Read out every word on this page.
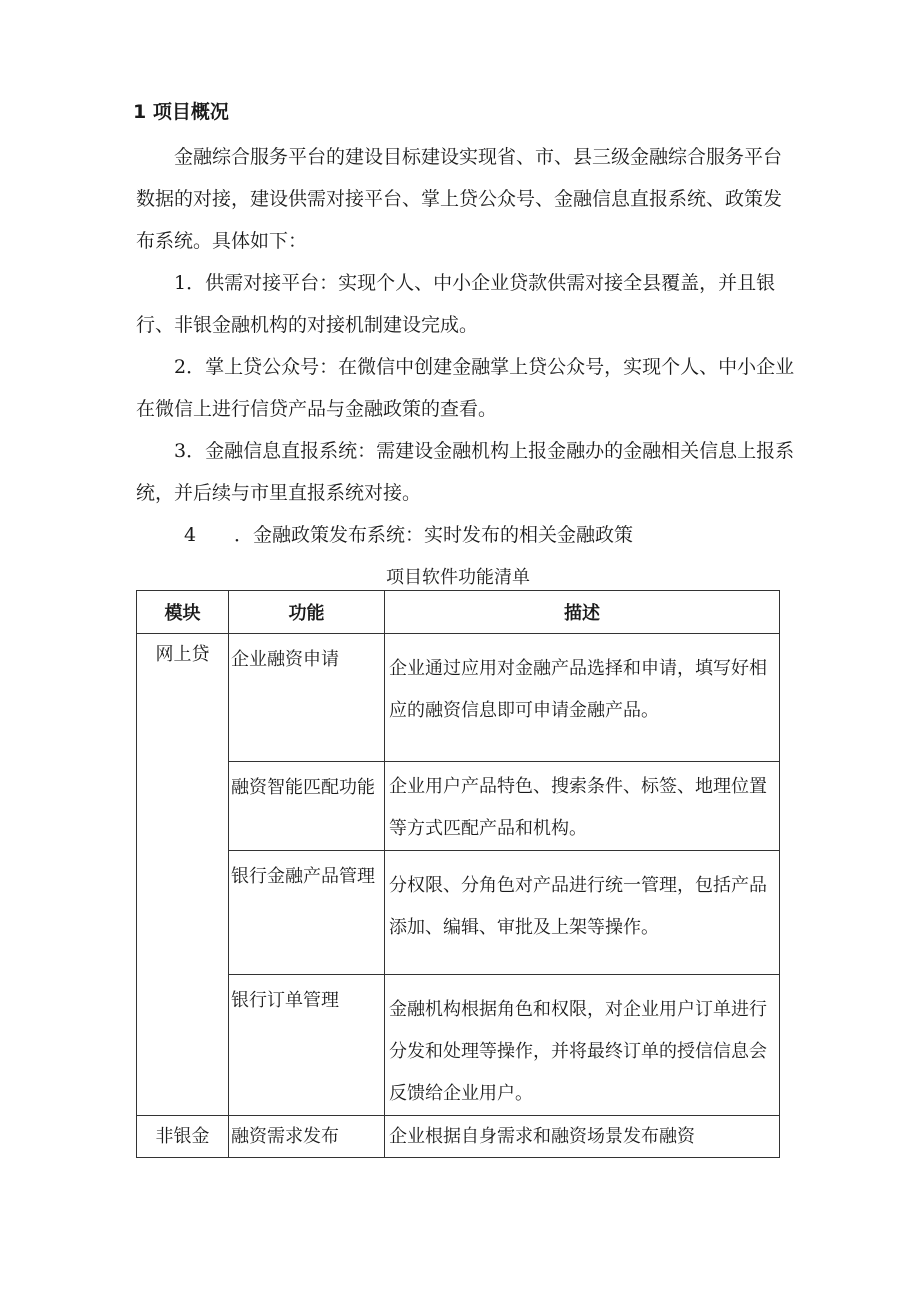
1 项目概况

金融综合服务平台的建设目标建设实现省、市、县三级金融综合服务平台数据的对接，建设供需对接平台、掌上贷公众号、金融信息直报系统、政策发布系统。具体如下：

1．供需对接平台：实现个人、中小企业贷款供需对接全县覆盖，并且银行、非银金融机构的对接机制建设完成。

2．掌上贷公众号：在微信中创建金融掌上贷公众号，实现个人、中小企业在微信上进行信贷产品与金融政策的查看。

3．金融信息直报系统：需建设金融机构上报金融办的金融相关信息上报系统，并后续与市里直报系统对接。

4 ．金融政策发布系统：实时发布的相关金融政策
项目软件功能清单
模块	功能	描述
网上贷	企业融资申请	企业通过应用对金融产品选择和申请，填写好相应的融资信息即可申请金融产品。

	融资智能匹配功能	企业用户产品特色、搜索条件、标签、地理位置等方式匹配产品和机构。

	银行金融产品管理	分权限、分角色对产品进行统一管理，包括产品添加、编辑、审批及上架等操作。

	银行订单管理	金融机构根据角色和权限，对企业用户订单进行分发和处理等操作，并将最终订单的授信信息会反馈给企业用户。

非银金	融资需求发布	企业根据自身需求和融资场景发布融资
